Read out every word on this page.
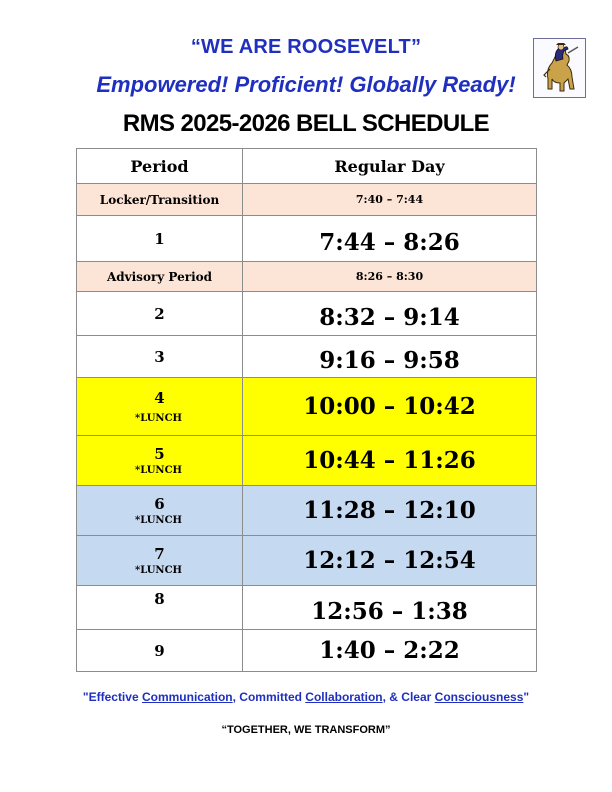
“WE ARE ROOSEVELT”
Empowered! Proficient! Globally Ready!
RMS 2025-2026 BELL SCHEDULE
Period	Regular Day
Locker/Transition	7:40 – 7:44

1	7:44 – 8:26
Advisory Period	8:26 – 8:30

2	8:32 – 9:14

3	9:16 – 9:58

4
*LUNCH	10:00 – 10:42

5
*LUNCH	10:44 – 11:26

6
*LUNCH	11:28 – 12:10

7
*LUNCH	12:12 – 12:54

8	12:56 – 1:38

9	1:40 – 2:22
"Effective Communication, Committed Collaboration, & Clear Consciousness"
“TOGETHER, WE TRANSFORM”
